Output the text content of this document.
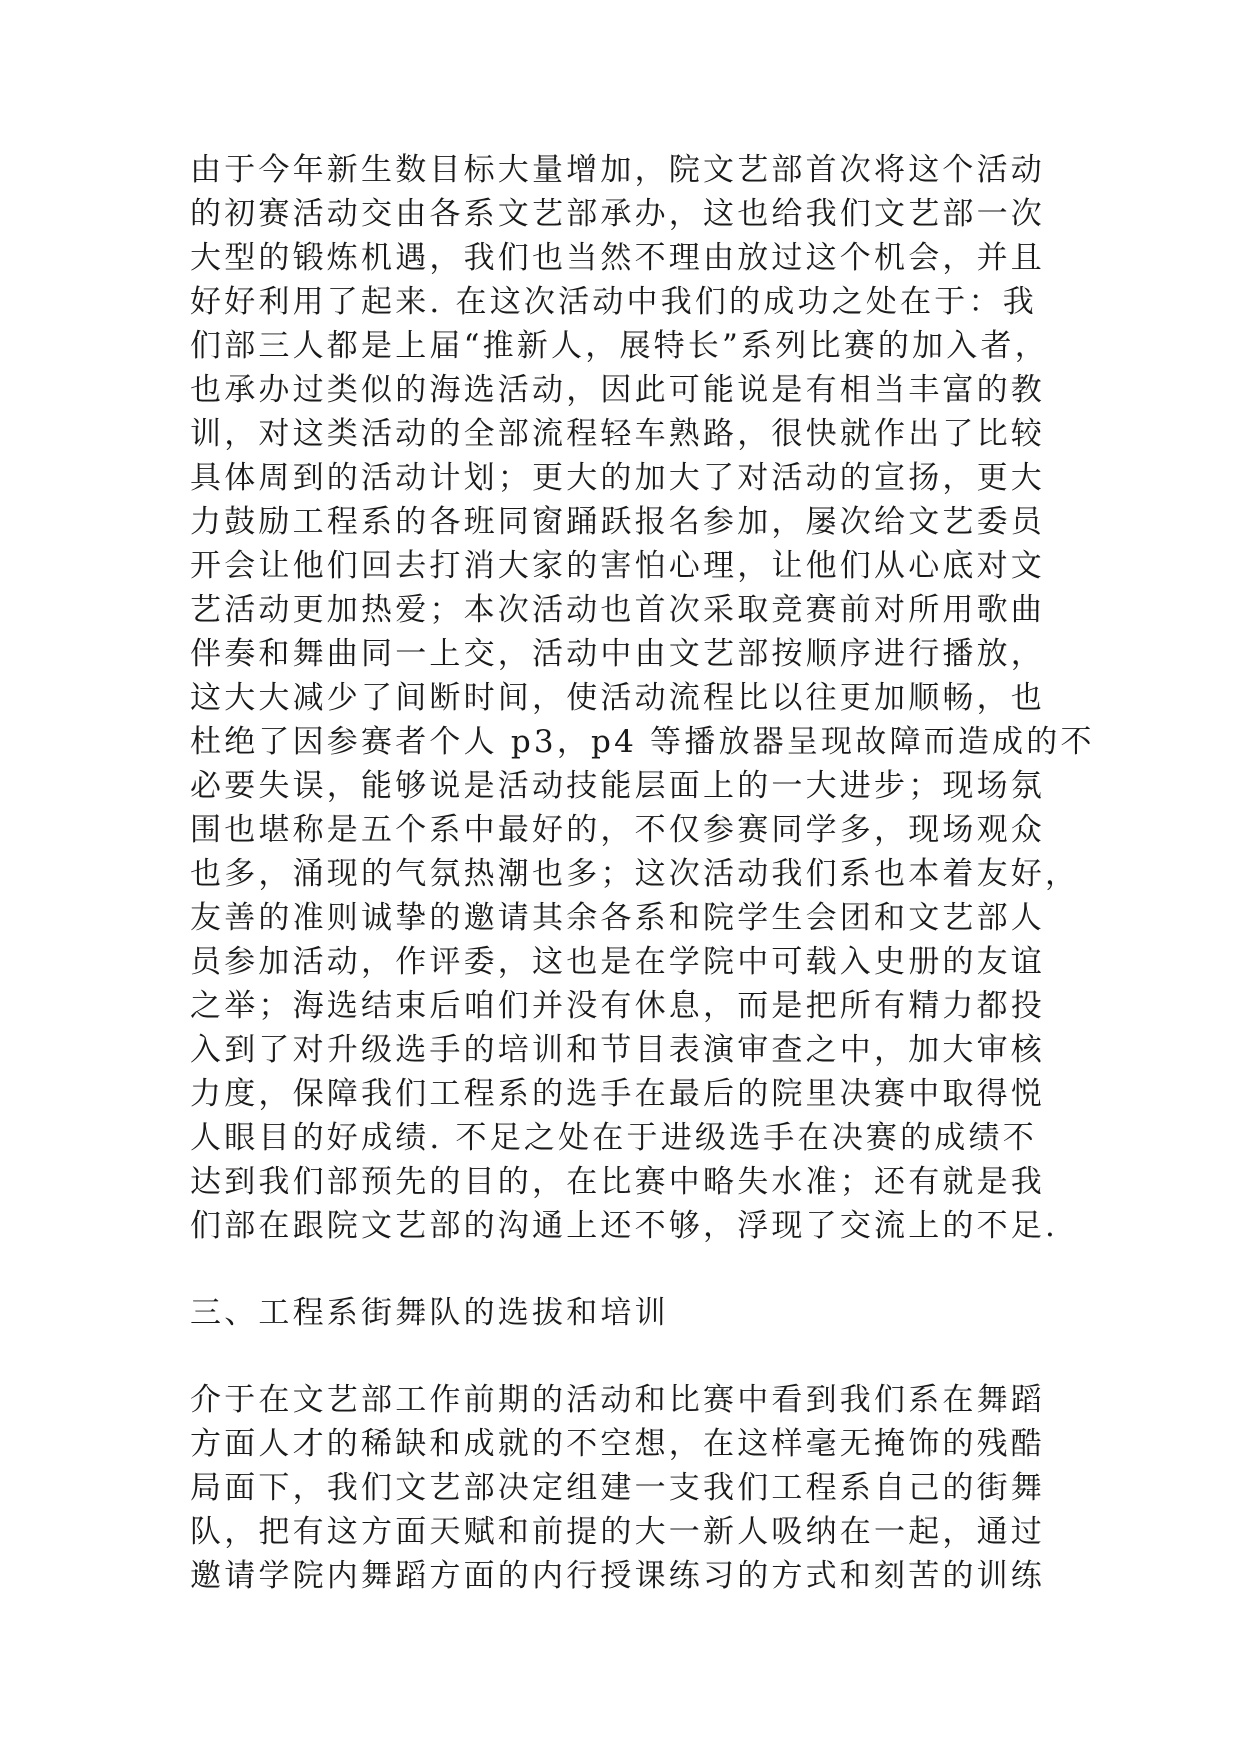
由于今年新生数目标大量增加，院文艺部首次将这个活动
的初赛活动交由各系文艺部承办，这也给我们文艺部一次
大型的锻炼机遇，我们也当然不理由放过这个机会，并且
好好利用了起来. 在这次活动中我们的成功之处在于：我
们部三人都是上届“推新人，展特长”系列比赛的加入者，
也承办过类似的海选活动，因此可能说是有相当丰富的教
训，对这类活动的全部流程轻车熟路，很快就作出了比较
具体周到的活动计划；更大的加大了对活动的宣扬，更大
力鼓励工程系的各班同窗踊跃报名参加，屡次给文艺委员
开会让他们回去打消大家的害怕心理，让他们从心底对文
艺活动更加热爱；本次活动也首次采取竞赛前对所用歌曲
伴奏和舞曲同一上交，活动中由文艺部按顺序进行播放，
这大大减少了间断时间，使活动流程比以往更加顺畅，也
杜绝了因参赛者个人 p3，p4 等播放器呈现故障而造成的不
必要失误，能够说是活动技能层面上的一大进步；现场氛
围也堪称是五个系中最好的，不仅参赛同学多，现场观众
也多，涌现的气氛热潮也多；这次活动我们系也本着友好，
友善的准则诚挚的邀请其余各系和院学生会团和文艺部人
员参加活动，作评委，这也是在学院中可载入史册的友谊
之举；海选结束后咱们并没有休息，而是把所有精力都投
入到了对升级选手的培训和节目表演审查之中，加大审核
力度，保障我们工程系的选手在最后的院里决赛中取得悦
人眼目的好成绩. 不足之处在于进级选手在决赛的成绩不
达到我们部预先的目的，在比赛中略失水准；还有就是我
们部在跟院文艺部的沟通上还不够，浮现了交流上的不足.
三、工程系街舞队的选拔和培训
介于在文艺部工作前期的活动和比赛中看到我们系在舞蹈
方面人才的稀缺和成就的不空想，在这样毫无掩饰的残酷
局面下，我们文艺部决定组建一支我们工程系自己的街舞
队，把有这方面天赋和前提的大一新人吸纳在一起，通过
邀请学院内舞蹈方面的内行授课练习的方式和刻苦的训练
